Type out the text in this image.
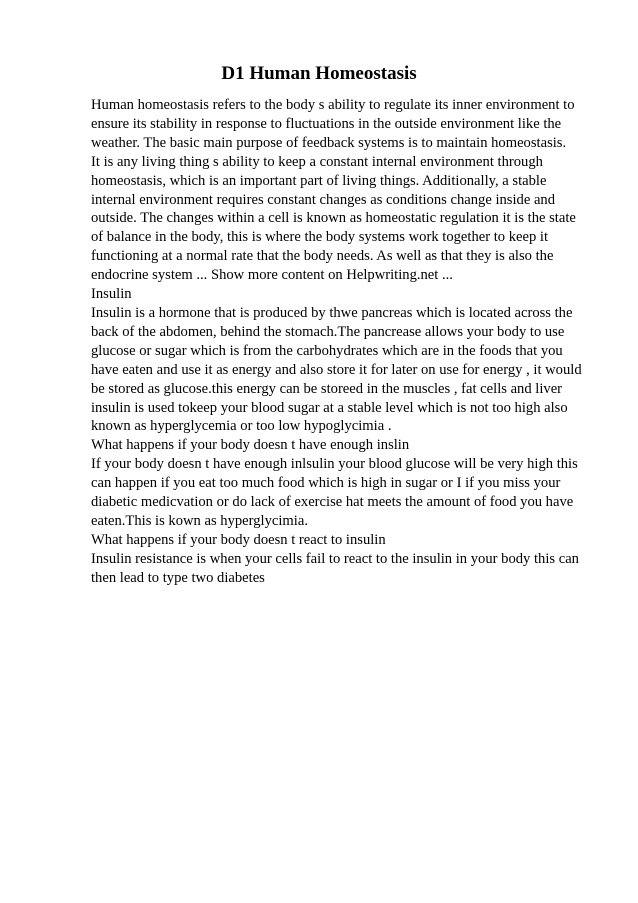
D1 Human Homeostasis
Human homeostasis refers to the body s ability to regulate its inner environment to
ensure its stability in response to fluctuations in the outside environment like the
weather. The basic main purpose of feedback systems is to maintain homeostasis.
It is any living thing s ability to keep a constant internal environment through
homeostasis, which is an important part of living things. Additionally, a stable
internal environment requires constant changes as conditions change inside and
outside. The changes within a cell is known as homeostatic regulation it is the state
of balance in the body, this is where the body systems work together to keep it
functioning at a normal rate that the body needs. As well as that they is also the
endocrine system ... Show more content on Helpwriting.net ...
Insulin
Insulin is a hormone that is produced by thwe pancreas which is located across the
back of the abdomen, behind the stomach.The pancrease allows your body to use
glucose or sugar which is from the carbohydrates which are in the foods that you
have eaten and use it as energy and also store it for later on use for energy , it would
be stored as glucose.this energy can be storeed in the muscles , fat cells and liver
insulin is used tokeep your blood sugar at a stable level which is not too high also
known as hyperglycemia or too low hypoglycimia .
What happens if your body doesn t have enough inslin
If your body doesn t have enough inlsulin your blood glucose will be very high this
can happen if you eat too much food which is high in sugar or I if you miss your
diabetic medicvation or do lack of exercise hat meets the amount of food you have
eaten.This is kown as hyperglycimia.
What happens if your body doesn t react to insulin
Insulin resistance is when your cells fail to react to the insulin in your body this can
then lead to type two diabetes
